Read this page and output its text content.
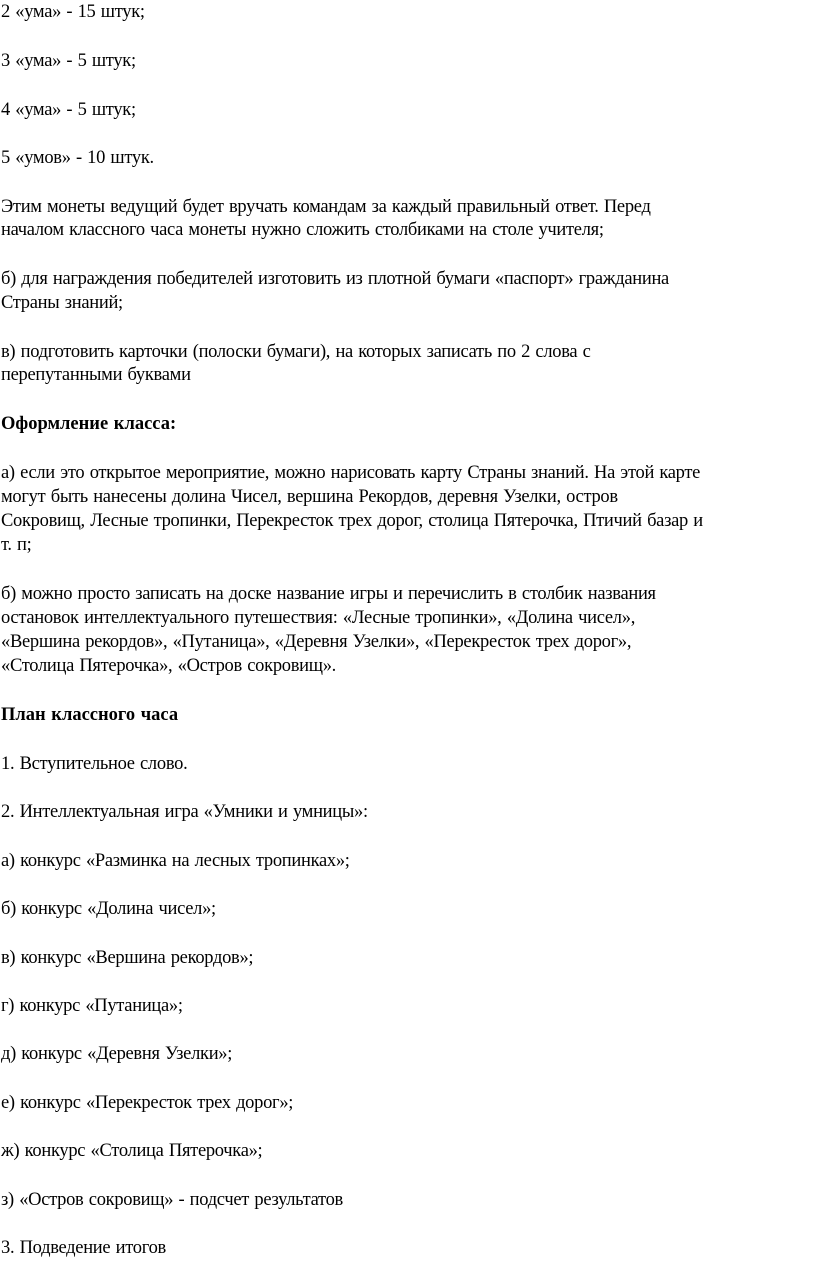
2 «ума» - 15 штук;
3 «ума» - 5 штук;
4 «ума» - 5 штук;
5 «умов» - 10 штук.
Этим монеты ведущий будет вручать командам за каждый правильный ответ. Перед
началом классного часа монеты нужно сложить столбиками на столе учителя;
б) для награждения победителей изготовить из плотной бумаги «паспорт» гражданина
Страны знаний;
в) подготовить карточки (полоски бумаги), на которых записать по 2 слова с
перепутанными буквами
Оформление класса:
а) если это открытое мероприятие, можно нарисовать карту Страны знаний. На этой карте
могут быть нанесены долина Чисел, вершина Рекордов, деревня Узелки, остров
Сокровищ, Лесные тропинки, Перекресток трех дорог, столица Пятерочка, Птичий базар и
т. п;
б) можно просто записать на доске название игры и перечислить в столбик названия
остановок интеллектуального путешествия: «Лесные тропинки», «Долина чисел»,
«Вершина рекордов», «Путаница», «Деревня Узелки», «Перекресток трех дорог»,
«Столица Пятерочка», «Остров сокровищ».
План классного часа
1. Вступительное слово.
2. Интеллектуальная игра «Умники и умницы»:
а) конкурс «Разминка на лесных тропинках»;
б) конкурс «Долина чисел»;
в) конкурс «Вершина рекордов»;
г) конкурс «Путаница»;
д) конкурс «Деревня Узелки»;
е) конкурс «Перекресток трех дорог»;
ж) конкурс «Столица Пятерочка»;
з) «Остров сокровищ» - подсчет результатов
3. Подведение итогов
